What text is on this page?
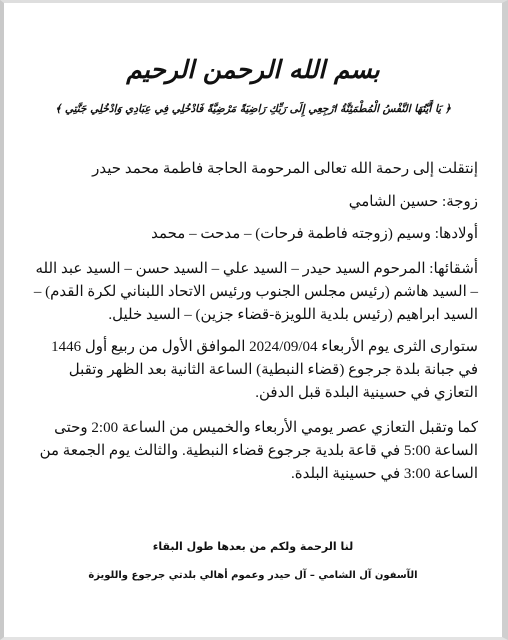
بسم الله الرحمن الرحيم
﴿ يَا أَيَّتُهَا النَّفْسُ الْمُطْمَئِنَّةُ ارْجِعِي إِلَى رَبِّكِ رَاضِيَةً مَرْضِيَّةً فَادْخُلِي فِي عِبَادِي وَادْخُلِي جَنَّتِي ﴾

إنتقلت إلى رحمة الله تعالى المرحومة الحاجة فاطمة محمد حيدر

زوجة: حسين الشامي

أولادها: وسيم (زوجته فاطمة فرحات) – مدحت – محمد

أشقائها: المرحوم السيد حيدر – السيد علي – السيد حسن – السيد عبد الله – السيد هاشم (رئيس مجلس الجنوب ورئيس الاتحاد اللبناني لكرة القدم) – السيد ابراهيم (رئيس بلدية اللويزة-قضاء جزين) – السيد خليل.

ستوارى الثرى يوم الأربعاء 2024/09/04 الموافق الأول من ربيع أول 1446 في جبانة بلدة جرجوع (قضاء النبطية) الساعة الثانية بعد الظهر وتقبل التعازي في حسينية البلدة قبل الدفن.

كما وتقبل التعازي عصر يومي الأربعاء والخميس من الساعة 2:00 وحتى الساعة 5:00 في قاعة بلدية جرجوع قضاء النبطية. والثالث يوم الجمعة من الساعة 3:00 في حسينية البلدة.

لنا الرحمة ولكم من بعدها طول البقاء
الآسفون آل الشامي – آل حيدر وعموم أهالي بلدتي جرجوع واللويزة
